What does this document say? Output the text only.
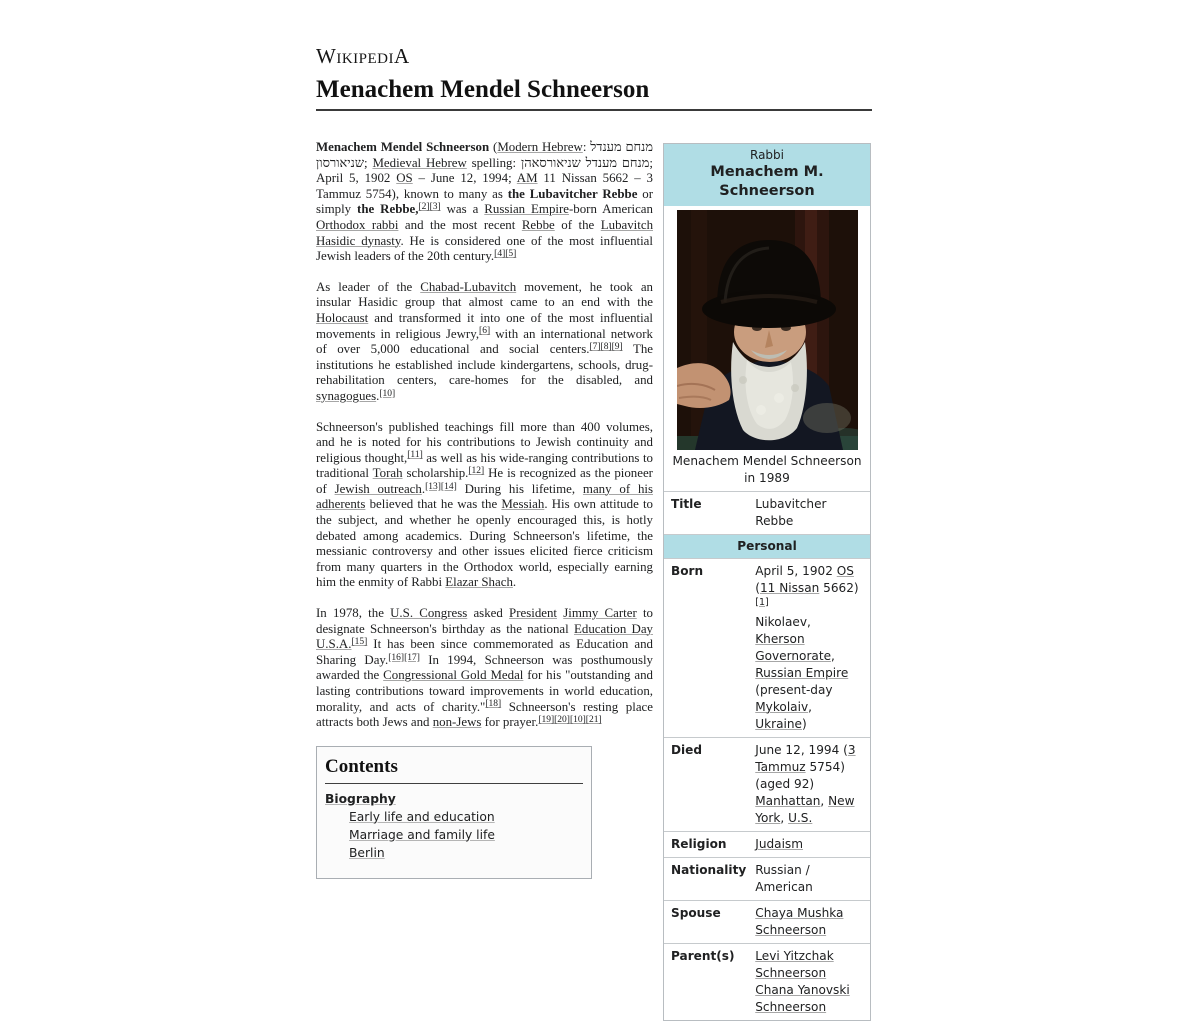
WikipediA
Menachem Mendel Schneerson

Menachem Mendel Schneerson (Modern Hebrew: מנחם מענדל שניאורסון; Medieval Hebrew spelling: מנחם מענדל שניאורסאהן; April 5, 1902 OS – June 12, 1994; AM 11 Nissan 5662 – 3 Tammuz 5754), known to many as the Lubavitcher Rebbe or simply the Rebbe,[2][3] was a Russian Empire-born American Orthodox rabbi and the most recent Rebbe of the Lubavitch Hasidic dynasty. He is considered one of the most influential Jewish leaders of the 20th century.[4][5]

As leader of the Chabad-Lubavitch movement, he took an insular Hasidic group that almost came to an end with the Holocaust and transformed it into one of the most influential movements in religious Jewry,[6] with an international network of over 5,000 educational and social centers.[7][8][9] The institutions he established include kindergartens, schools, drug-rehabilitation centers, care-homes for the disabled, and synagogues.[10]

Schneerson's published teachings fill more than 400 volumes, and he is noted for his contributions to Jewish continuity and religious thought,[11] as well as his wide-ranging contributions to traditional Torah scholarship.[12] He is recognized as the pioneer of Jewish outreach.[13][14] During his lifetime, many of his adherents believed that he was the Messiah. His own attitude to the subject, and whether he openly encouraged this, is hotly debated among academics. During Schneerson's lifetime, the messianic controversy and other issues elicited fierce criticism from many quarters in the Orthodox world, especially earning him the enmity of Rabbi Elazar Shach.

In 1978, the U.S. Congress asked President Jimmy Carter to designate Schneerson's birthday as the national Education Day U.S.A.[15] It has been since commemorated as Education and Sharing Day.[16][17] In 1994, Schneerson was posthumously awarded the Congressional Gold Medal for his "outstanding and lasting contributions toward improvements in world education, morality, and acts of charity."[18] Schneerson's resting place attracts both Jews and non-Jews for prayer.[19][20][10][21]

Contents
Biography
Early life and education
Marriage and family life
Berlin
Rabbi
Menachem M. Schneerson
Menachem Mendel Schneerson in 1989
Title	Lubavitcher Rebbe

Personal	
Born	April 5, 1902 OS (11 Nissan 5662)[1]
Nikolaev, Kherson Governorate, Russian Empire (present-day Mykolaiv, Ukraine)

Died	June 12, 1994 (3 Tammuz 5754) (aged 92)
Manhattan, New York, U.S.

Religion	Judaism

Nationality	Russian / American

Spouse	Chaya Mushka Schneerson

Parent(s)	Levi Yitzchak Schneerson
Chana Yanovski Schneerson
